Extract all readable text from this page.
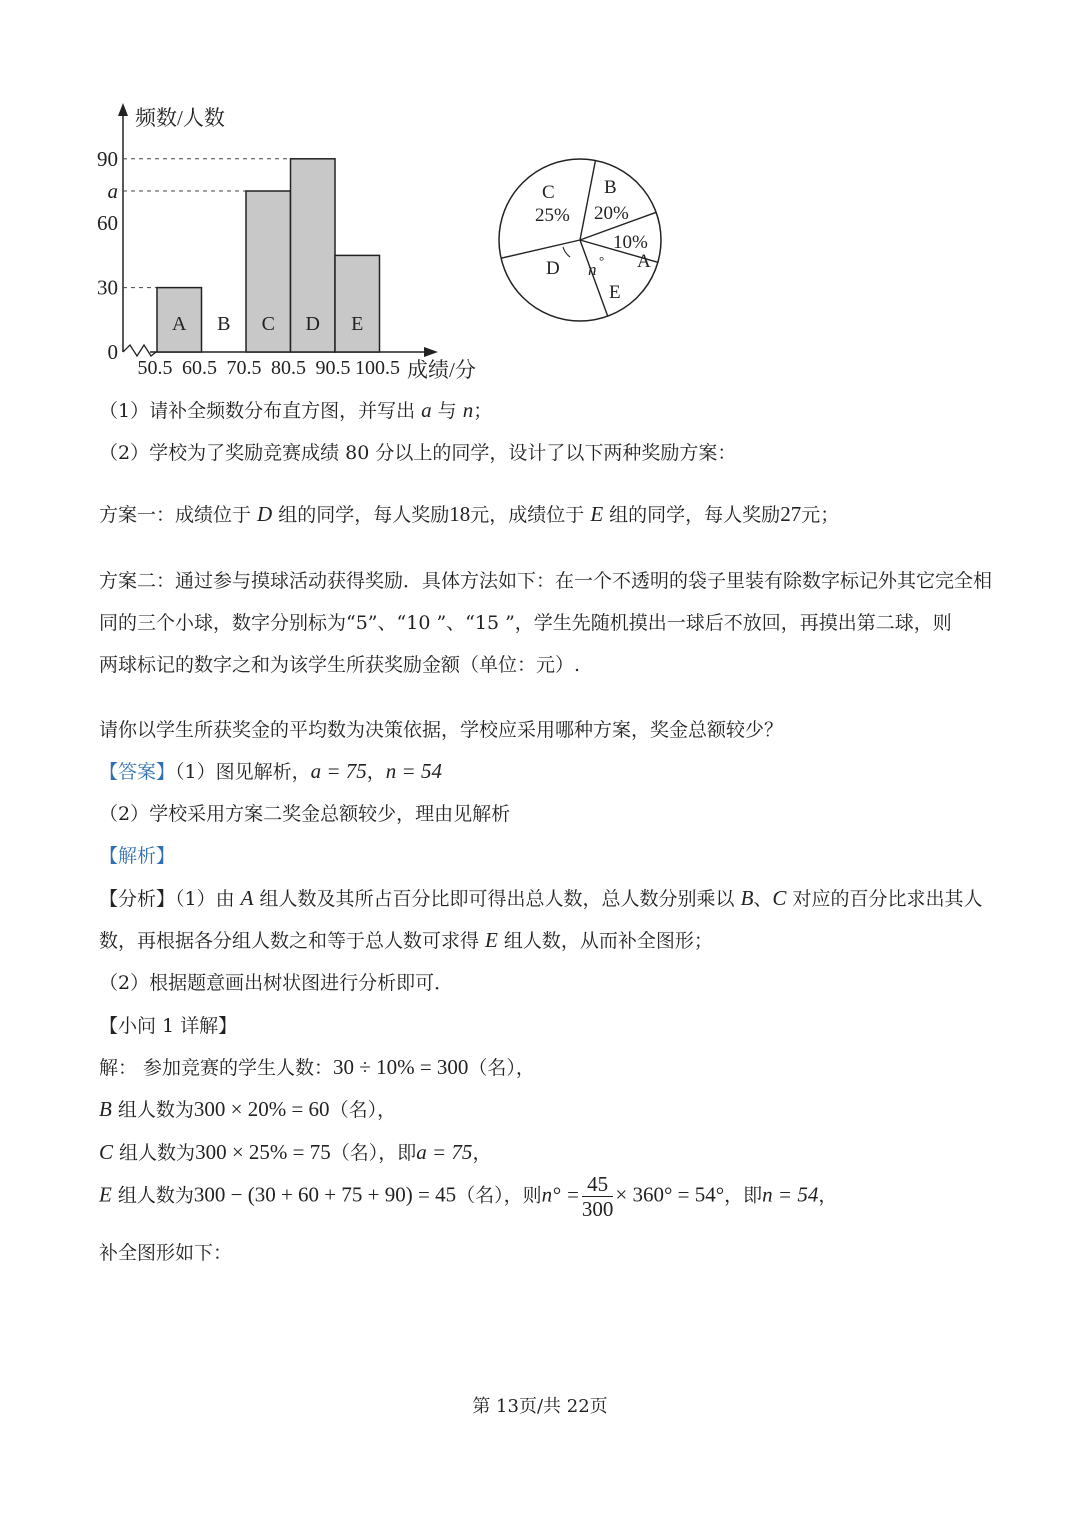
A B C D E
0
30
60
a
90
50.5 60.5 70.5 80.5 90.5 100.5
频数/人数
成绩/分
C
25%
B
20%
10%
A
D
E
n °
（1）请补全频数分布直方图，并写出 a 与 n；
（2）学校为了奖励竞赛成绩 80 分以上的同学，设计了以下两种奖励方案：
方案一：成绩位于 D 组的同学，每人奖励18元，成绩位于 E 组的同学，每人奖励27元；
方案二：通过参与摸球活动获得奖励．具体方法如下：在一个不透明的袋子里装有除数字标记外其它完全相
同的三个小球，数字分别标为“5”、“10 ”、“15 ”，学生先随机摸出一球后不放回，再摸出第二球，则
两球标记的数字之和为该学生所获奖励金额（单位：元）.
请你以学生所获奖金的平均数为决策依据，学校应采用哪种方案，奖金总额较少？
【答案】（1）图见解析，a = 75，n = 54
（2）学校采用方案二奖金总额较少，理由见解析
【解析】
【分析】（1）由 A 组人数及其所占百分比即可得出总人数，总人数分别乘以 B、C 对应的百分比求出其人
数，再根据各分组人数之和等于总人数可求得 E 组人数，从而补全图形；
（2）根据题意画出树状图进行分析即可．
【小问 1 详解】
解： 参加竞赛的学生人数：30 ÷ 10% = 300（名），
B 组人数为300 × 20% = 60（名），
C 组人数为300 × 25% = 75（名），即a = 75，
E 组人数为300 − (30 + 60 + 75 + 90) = 45（名），则$n^\circ = \frac{45}{300} \times 360^\circ = 54^\circ$，即n = 54，
补全图形如下：
第 13页/共 22页
